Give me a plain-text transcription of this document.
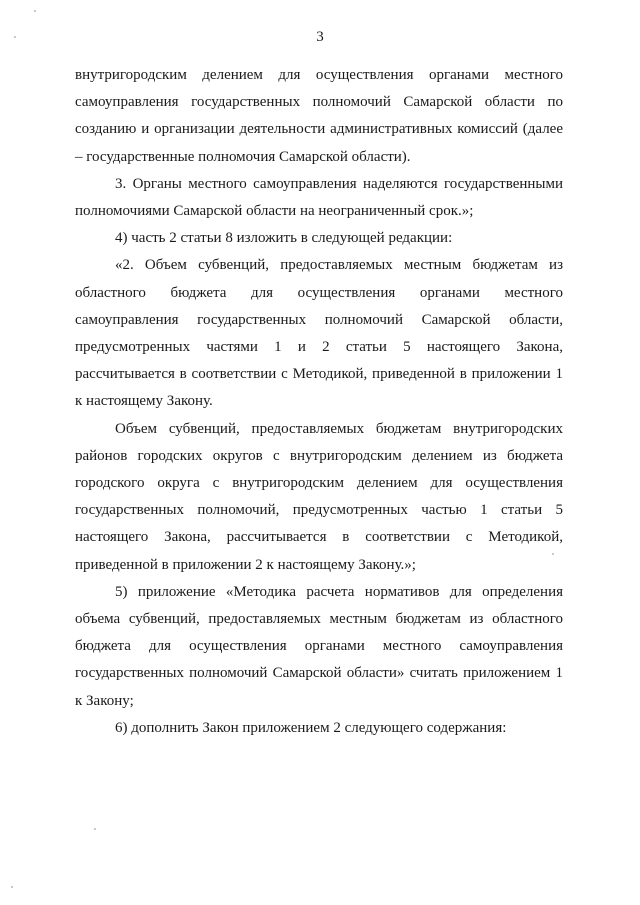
3

внутригородским делением для осуществления органами местного самоуправления государственных полномочий Самарской области по созданию и организации деятельности административных комиссий (далее – государственные полномочия Самарской области).

3. Органы местного самоуправления наделяются государственными полномочиями Самарской области на неограниченный срок.»;

4) часть 2 статьи 8 изложить в следующей редакции:

«2. Объем субвенций, предоставляемых местным бюджетам из областного бюджета для осуществления органами местного самоуправления государственных полномочий Самарской области, предусмотренных частями 1 и 2 статьи 5 настоящего Закона, рассчитывается в соответствии с Методикой, приведенной в приложении 1 к настоящему Закону.

Объем субвенций, предоставляемых бюджетам внутригородских районов городских округов с внутригородским делением из бюджета городского округа с внутригородским делением для осуществления государственных полномочий, предусмотренных частью 1 статьи 5 настоящего Закона, рассчитывается в соответствии с Методикой, приведенной в приложении 2 к настоящему Закону.»;

5) приложение «Методика расчета нормативов для определения объема субвенций, предоставляемых местным бюджетам из областного бюджета для осуществления органами местного самоуправления государственных полномочий Самарской области» считать приложением 1 к Закону;

6) дополнить Закон приложением 2 следующего содержания:
